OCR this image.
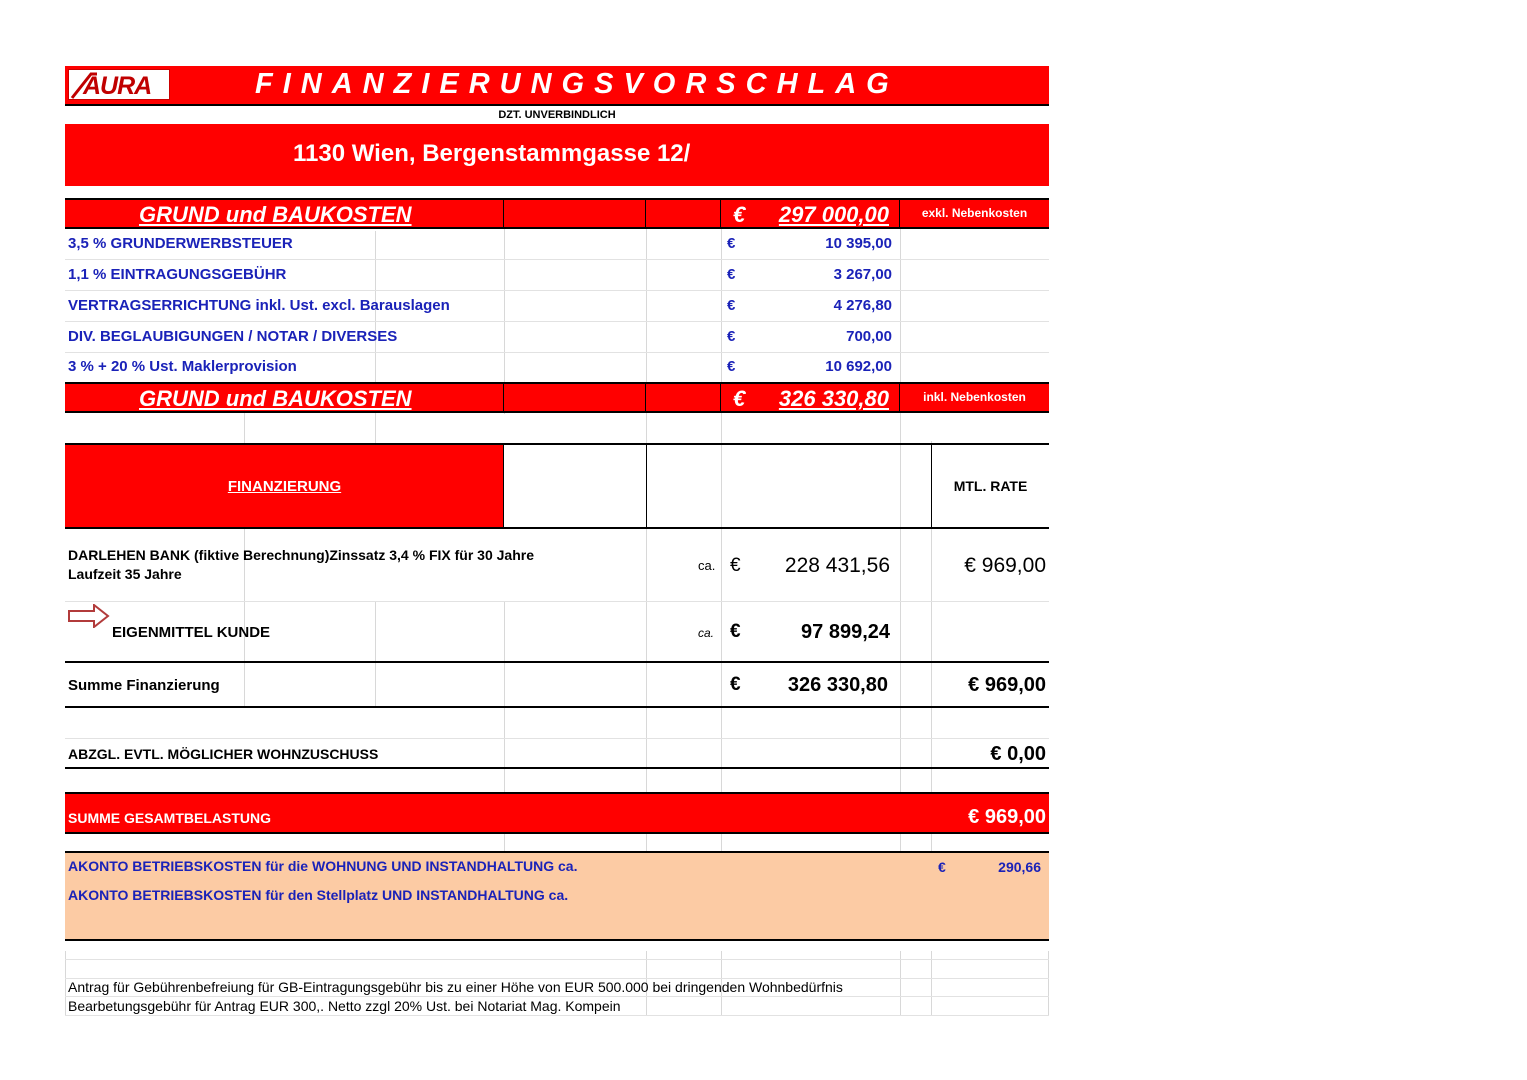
AURA	FINANZIERUNGSVORSCHLAG
DZT. UNVERBINDLICH
1130 Wien, Bergenstammgasse 12/
GRUND und BAUKOSTEN	€	297 000,00	exkl. Nebenkosten
3,5 % GRUNDERWERBSTEUER	€	10 395,00
1,1 % EINTRAGUNGSGEBÜHR	€	3 267,00
VERTRAGSERRICHTUNG inkl. Ust. excl. Barauslagen	€	4 276,80
DIV. BEGLAUBIGUNGEN / NOTAR / DIVERSES	€	700,00
3 % + 20 % Ust. Maklerprovision	€	10 692,00
GRUND und BAUKOSTEN	€	326 330,80	inkl. Nebenkosten
FINANZIERUNG	MTL. RATE
DARLEHEN BANK (fiktive Berechnung)Zinssatz 3,4 % FIX für 30 Jahre
Laufzeit 35 Jahre
ca. €	228 431,56	€ 969,00
EIGENMITTEL KUNDE	ca. €	97 899,24
Summe Finanzierung	€	326 330,80	€ 969,00
ABZGL. EVTL. MÖGLICHER WOHNZUSCHUSS	€ 0,00
SUMME GESAMTBELASTUNG	€ 969,00
AKONTO BETRIEBSKOSTEN für die WOHNUNG UND INSTANDHALTUNG ca.	€	290,66
AKONTO BETRIEBSKOSTEN für den Stellplatz UND INSTANDHALTUNG ca.
Antrag für Gebührenbefreiung für GB-Eintragungsgebühr bis zu einer Höhe von EUR 500.000 bei dringenden Wohnbedürfnis
Bearbetungsgebühr für Antrag EUR 300,. Netto zzgl 20% Ust. bei Notariat Mag. Kompein
